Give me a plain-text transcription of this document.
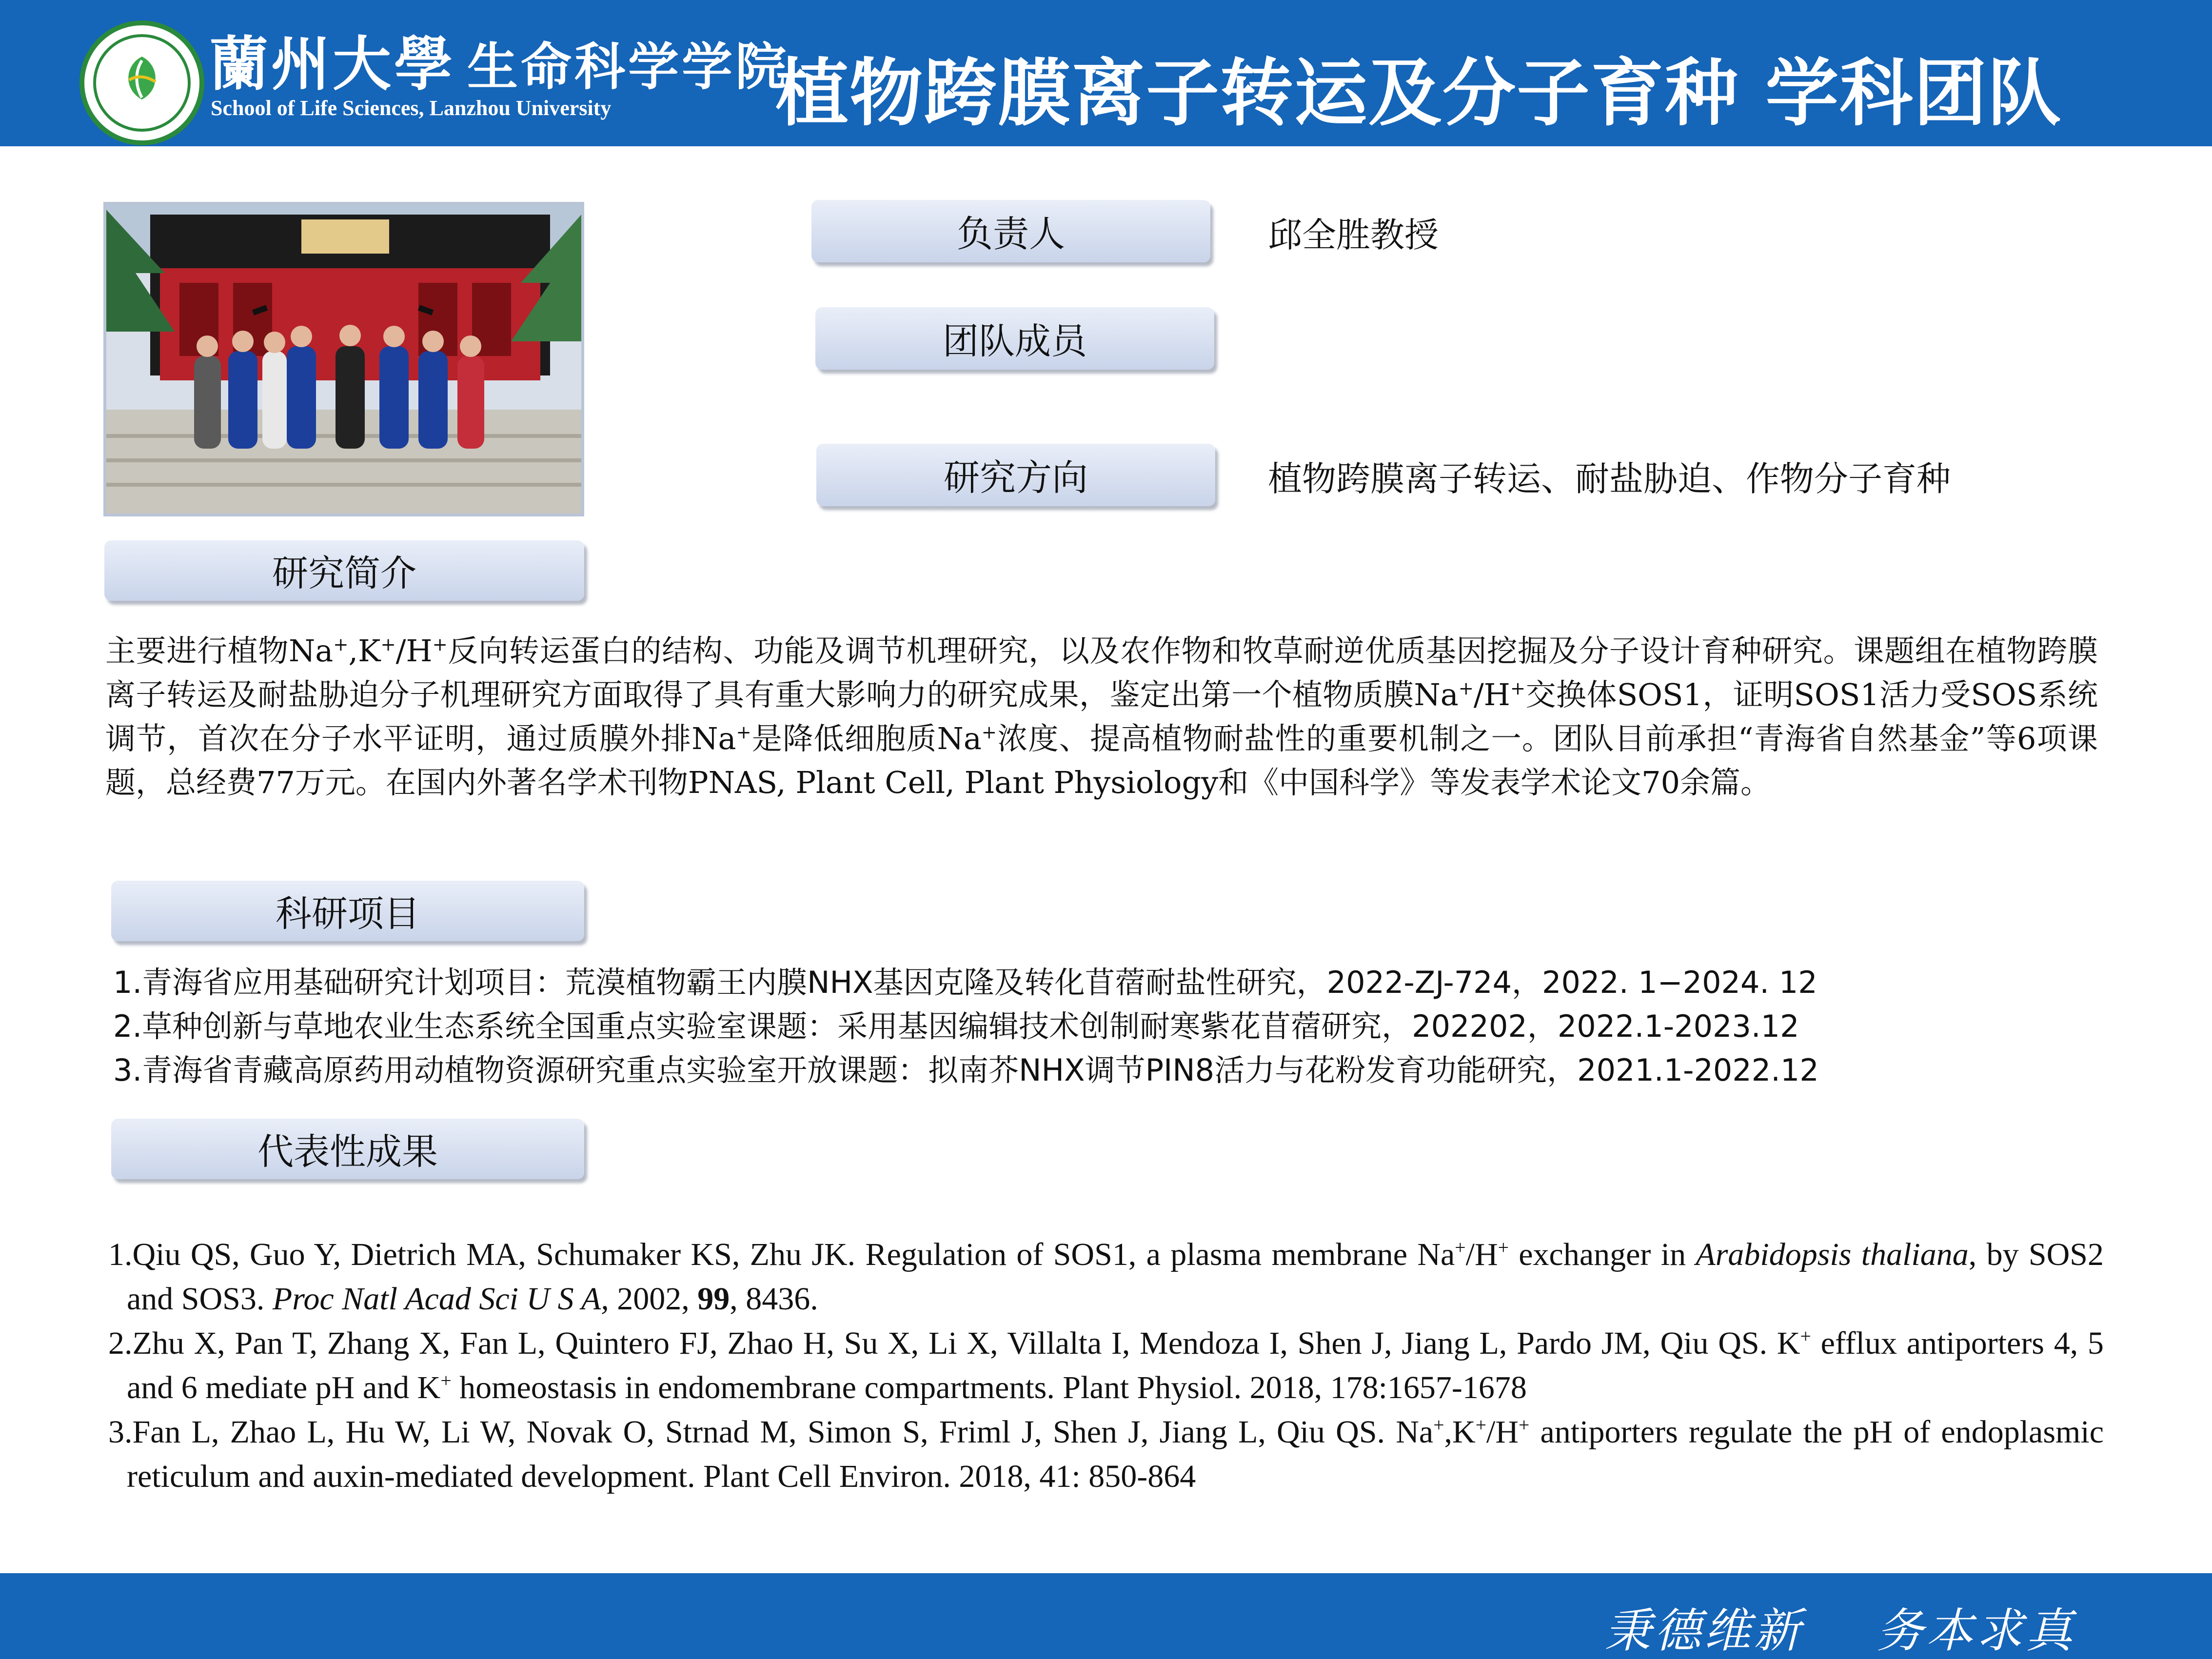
蘭州大學 生命科学学院
School of Life Sciences, Lanzhou University 植物跨膜离子转运及分子育种 学科团队
负责人	邱全胜教授
团队成员
研究方向	植物跨膜离子转运、耐盐胁迫、作物分子育种
研究简介
主要进行植物Na+,K+/H+反向转运蛋白的结构、功能及调节机理研究，以及农作物和牧草耐逆优质基因挖掘及分子设计育种研究。课题组在植物跨膜离子转运及耐盐胁迫分子机理研究方面取得了具有重大影响力的研究成果，鉴定出第一个植物质膜Na+/H+交换体SOS1，证明SOS1活力受SOS系统调节，首次在分子水平证明，通过质膜外排Na+是降低细胞质Na+浓度、提高植物耐盐性的重要机制之一。团队目前承担“青海省自然基金”等6项课题，总经费77万元。在国内外著名学术刊物PNAS, Plant Cell, Plant Physiology和《中国科学》等发表学术论文70余篇。
科研项目
1.青海省应用基础研究计划项目：荒漠植物霸王内膜NHX基因克隆及转化苜蓿耐盐性研究，2022-ZJ-724，2022. 1−2024. 12
2.草种创新与草地农业生态系统全国重点实验室课题：采用基因编辑技术创制耐寒紫花苜蓿研究，202202，2022.1-2023.12
3.青海省青藏高原药用动植物资源研究重点实验室开放课题：拟南芥NHX调节PIN8活力与花粉发育功能研究，2021.1-2022.12
代表性成果
1.Qiu QS, Guo Y, Dietrich MA, Schumaker KS, Zhu JK. Regulation of SOS1, a plasma membrane Na+/H+ exchanger in Arabidopsis thaliana, by SOS2 and SOS3. Proc Natl Acad Sci U S A, 2002, 99, 8436.
2.Zhu X, Pan T, Zhang X, Fan L, Quintero FJ, Zhao H, Su X, Li X, Villalta I, Mendoza I, Shen J, Jiang L, Pardo JM, Qiu QS. K+ efflux antiporters 4, 5 and 6 mediate pH and K+ homeostasis in endomembrane compartments. Plant Physiol. 2018, 178:1657-1678
3.Fan L, Zhao L, Hu W, Li W, Novak O, Strnad M, Simon S, Friml J, Shen J, Jiang L, Qiu QS. Na+,K+/H+ antiporters regulate the pH of endoplasmic reticulum and auxin-mediated development. Plant Cell Environ. 2018, 41: 850-864
秉德维新 务本求真
